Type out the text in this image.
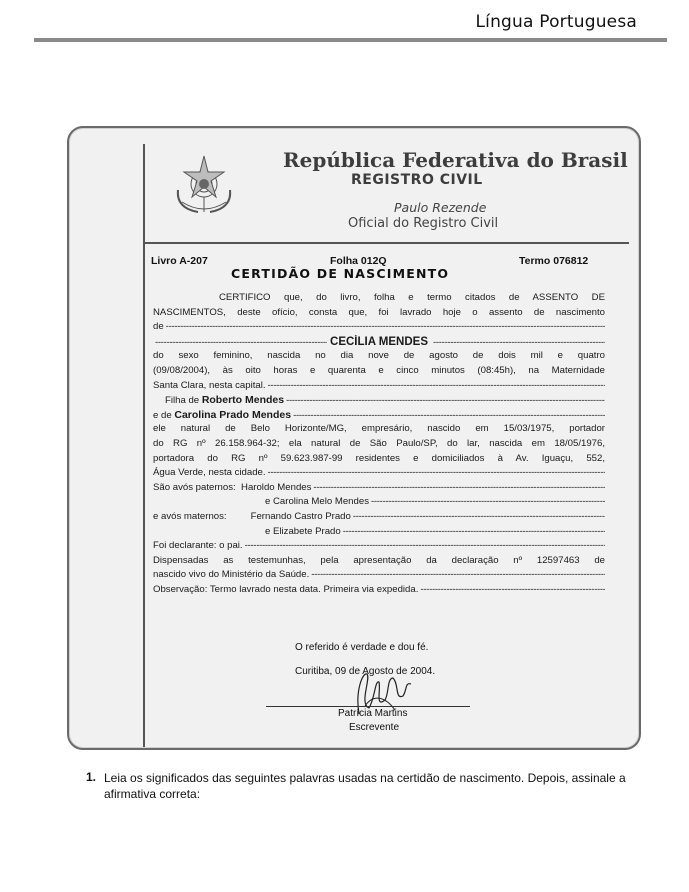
Língua Portuguesa
República Federativa do Brasil
REGISTRO CIVIL
Paulo Rezende
Oficial do Registro Civil
Livro A-207	Folha 012Q	Termo 076812
CERTIDÃO DE NASCIMENTO
CERTIFICO que, do livro, folha e termo citados de ASSENTO DE
NASCIMENTOS, deste ofício, consta que, foi lavrado hoje o assento de nascimento
de
-----
-----
CECÍLIA MENDES
-----
do sexo feminino, nascida no dia nove de agosto de dois mil e quatro
(09/08/2004), às oito horas e quarenta e cinco minutos (08:45h), na Maternidade
Santa Clara, nesta capital.
-----
Filha de
Roberto Mendes
-----
e de
Carolina Prado Mendes
-----
ele natural de Belo Horizonte/MG, empresário, nascido em 15/03/1975, portador
do RG nº 26.158.964-32; ela natural de São Paulo/SP, do lar, nascida em 18/05/1976,
portadora do RG nº 59.623.987-99 residentes e domiciliados à Av. Iguaçu, 552,
Água Verde, nesta cidade.
-----
São avós paternos:
Haroldo Mendes
-----
e Carolina Melo Mendes
-----
e avós maternos:	Fernando Castro Prado
-----
e Elizabete Prado
-----
Foi declarante: o pai.
-----
Dispensadas as testemunhas, pela apresentação da declaração nº 12597463 de
nascido vivo do Ministério da Saúde.
-----
Observação: Termo lavrado nesta data. Primeira via expedida.
-----
O referido é verdade e dou fé.
Curitiba, 09 de Agosto de 2004.
Patrícia Martins
Escrevente
1. Leia os significados das seguintes palavras usadas na certidão de nascimento. Depois, assinale a afirmativa correta:
